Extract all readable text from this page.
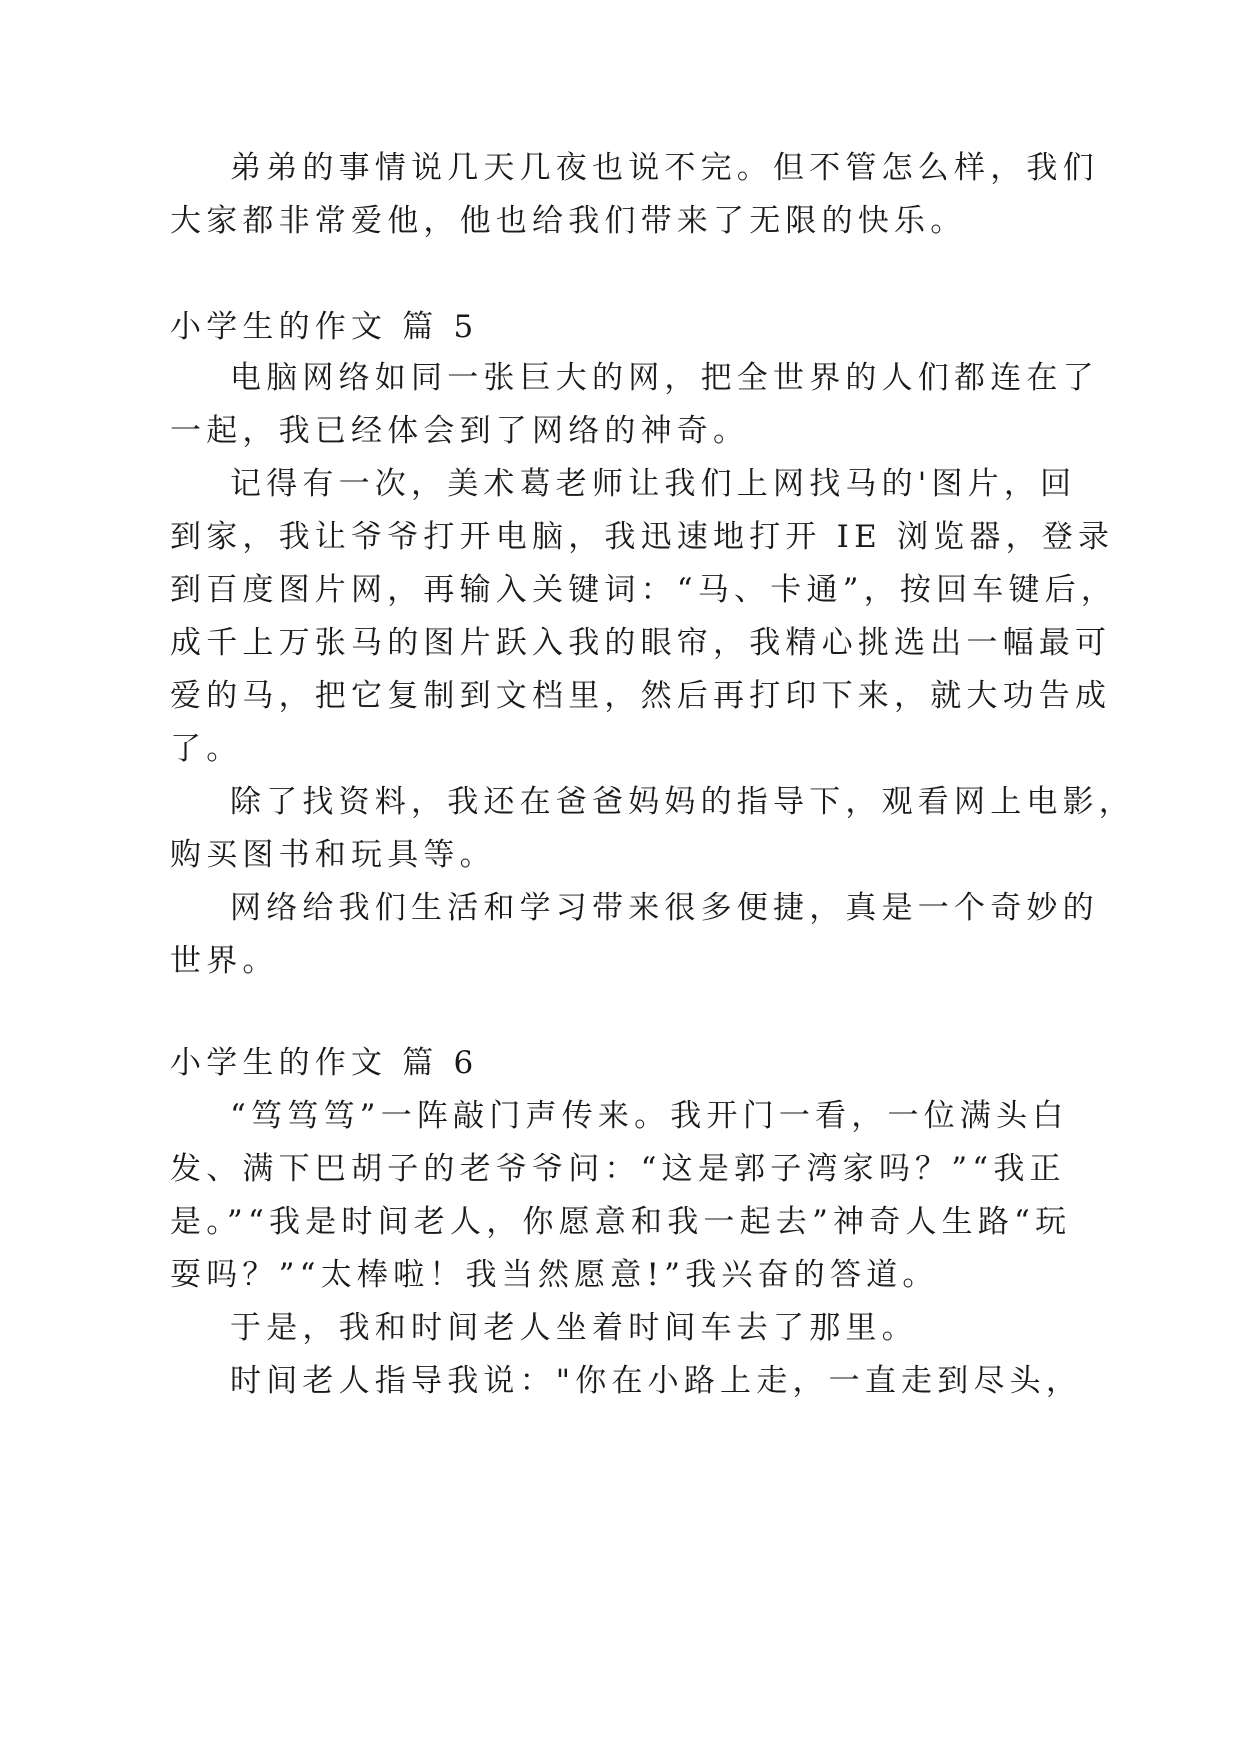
弟弟的事情说几天几夜也说不完。但不管怎么样，我们
大家都非常爱他，他也给我们带来了无限的快乐。
小学生的作文 篇 5
电脑网络如同一张巨大的网，把全世界的人们都连在了
一起，我已经体会到了网络的神奇。
记得有一次，美术葛老师让我们上网找马的'图片，回
到家，我让爷爷打开电脑，我迅速地打开 IE 浏览器，登录
到百度图片网，再输入关键词：“马、卡通”，按回车键后，
成千上万张马的图片跃入我的眼帘，我精心挑选出一幅最可
爱的马，把它复制到文档里，然后再打印下来，就大功告成
了。
除了找资料，我还在爸爸妈妈的指导下，观看网上电影，
购买图书和玩具等。
网络给我们生活和学习带来很多便捷，真是一个奇妙的
世界。
小学生的作文 篇 6
“笃笃笃”一阵敲门声传来。我开门一看，一位满头白
发、满下巴胡子的老爷爷问：“这是郭子湾家吗？”“我正
是。”“我是时间老人，你愿意和我一起去”神奇人生路“玩
耍吗？”“太棒啦！我当然愿意!”我兴奋的答道。
于是，我和时间老人坐着时间车去了那里。
时间老人指导我说："你在小路上走，一直走到尽头，
